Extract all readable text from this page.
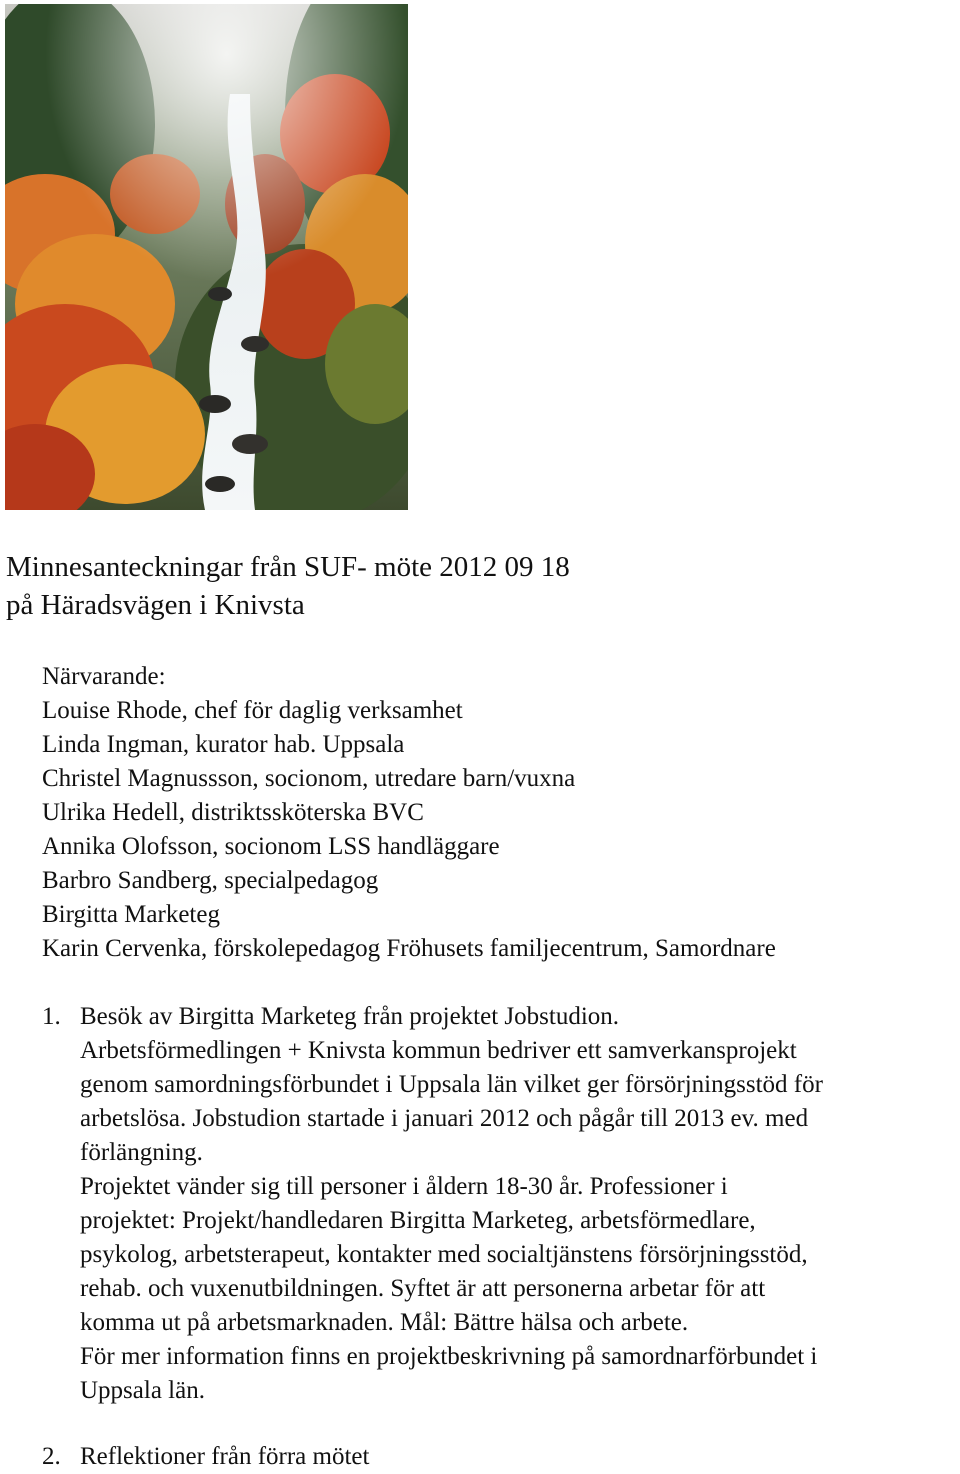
Minnesanteckningar från SUF- möte 2012 09 18
på Häradsvägen i Knivsta
Närvarande:
Louise Rhode, chef för daglig verksamhet
Linda Ingman, kurator hab. Uppsala
Christel Magnussson, socionom, utredare barn/vuxna
Ulrika Hedell, distriktssköterska BVC
Annika Olofsson, socionom LSS handläggare
Barbro Sandberg, specialpedagog
Birgitta Marketeg
Karin Cervenka, förskolepedagog Fröhusets familjecentrum, Samordnare
1. Besök av Birgitta Marketeg från projektet Jobstudion.
Arbetsförmedlingen + Knivsta kommun bedriver ett samverkansprojekt
genom samordningsförbundet i Uppsala län vilket ger försörjningsstöd för
arbetslösa. Jobstudion startade i januari 2012 och pågår till 2013 ev. med
förlängning.
Projektet vänder sig till personer i åldern 18-30 år. Professioner i
projektet: Projekt/handledaren Birgitta Marketeg, arbetsförmedlare,
psykolog, arbetsterapeut, kontakter med socialtjänstens försörjningsstöd,
rehab. och vuxenutbildningen. Syftet är att personerna arbetar för att
komma ut på arbetsmarknaden. Mål: Bättre hälsa och arbete.
För mer information finns en projektbeskrivning på samordnarförbundet i
Uppsala län.
2. Reflektioner från förra mötet
